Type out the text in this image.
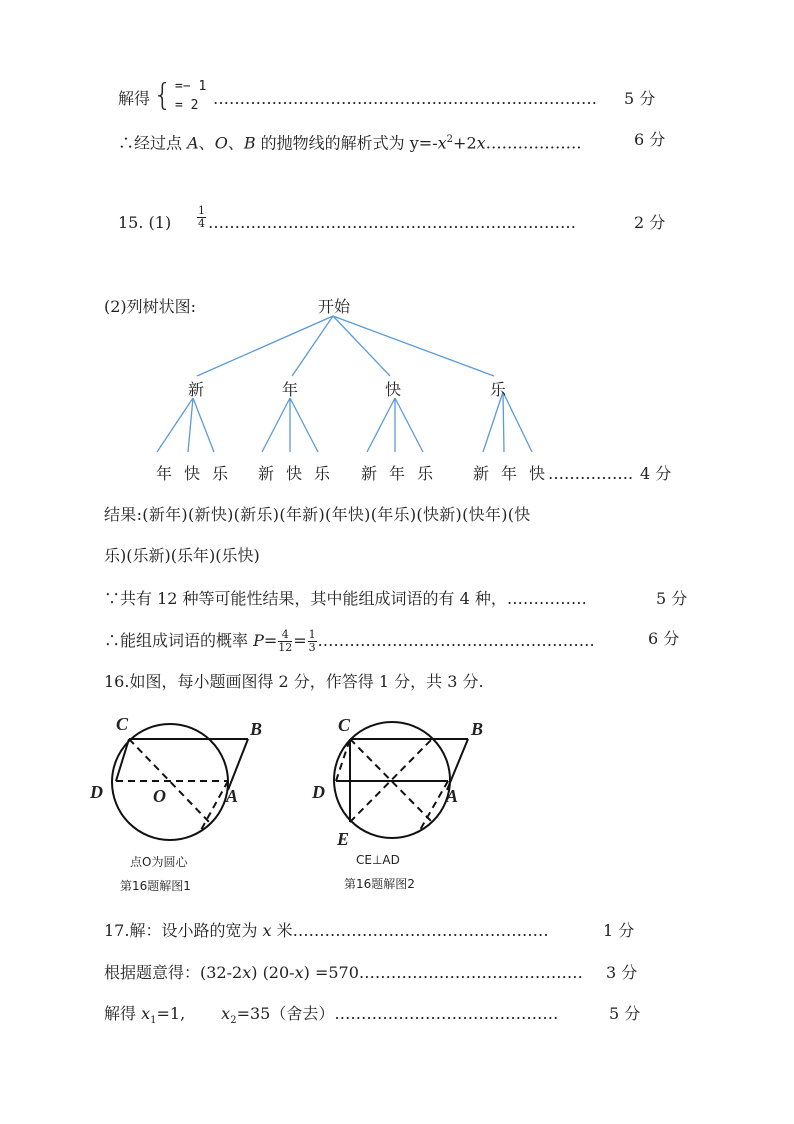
解得 { =− 1
= 2 ………………………………………………………………	5 分
∴经过点 A、O、B 的抛物线的解析式为 $y=-x^2+2x\dots\dots\dots\dots\dots\dots$	6 分
15. $(1) \frac{1}{4}$ ……………………………………………………………	2 分
(2)列树状图:	开始
新	年	快	乐
年 快 乐 新 快 乐 新 年 乐 新 年 快 ……………. 4 分
结果:(新年)(新快)(新乐)(年新)(年快)(年乐)(快新)(快年)(快
乐)(乐新)(乐年)(乐快)
∵共有 12 种等可能性结果，其中能组成词语的有 4 种，……………	5 分
∴能组成词语的概率 $P= \frac{4}{12} = \frac{1}{3}$ .……………………………………………	6 分
16.如图，每小题画图得 2 分，作答得 1 分，共 3 分.
C	B
D	O	A
点O为圆心
第16题解图1
C	B
D	A
E
CE⊥AD
第16题解图2
17.解：设小路的宽为 x 米…………………………………………	1 分
根据题意得：(32-2x) (20-x) =570…………………………………… 3 分
解得 $x_1=1$, $x_2=35$（舍去）……………………………………	5 分
